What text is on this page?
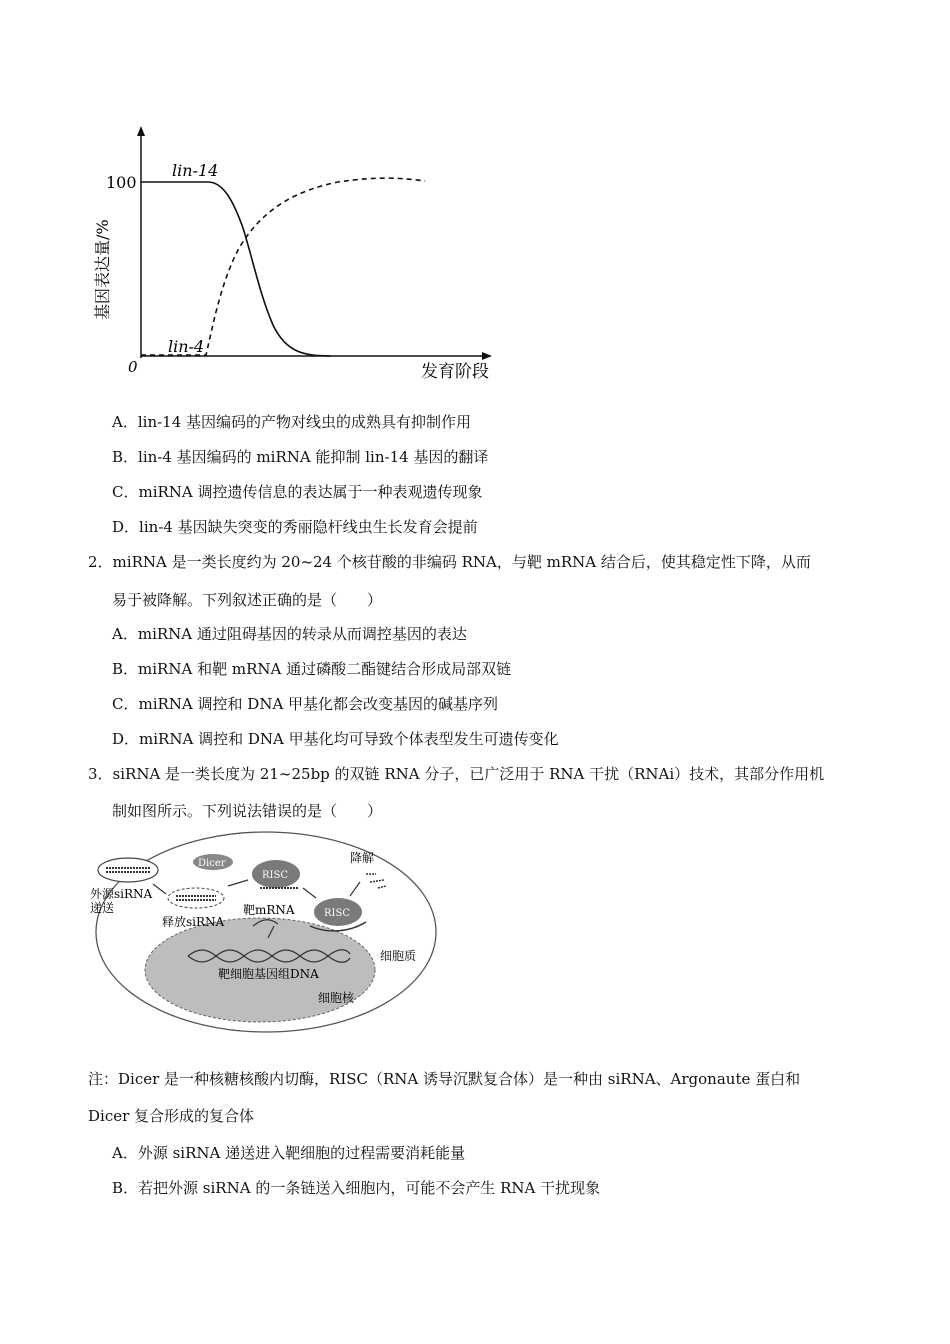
100
0
基因表达量/%
发育阶段
lin-14
lin-4
A．lin-14 基因编码的产物对线虫的成熟具有抑制作用
B．lin-4 基因编码的 miRNA 能抑制 lin-14 基因的翻译
C．miRNA 调控遗传信息的表达属于一种表观遗传现象
D．lin-4 基因缺失突变的秀丽隐杆线虫生长发育会提前
2．miRNA 是一类长度约为 20~24 个核苷酸的非编码 RNA，与靶 mRNA 结合后，使其稳定性下降，从而
易于被降解。下列叙述正确的是（　　）
A．miRNA 通过阻碍基因的转录从而调控基因的表达
B．miRNA 和靶 mRNA 通过磷酸二酯键结合形成局部双链
C．miRNA 调控和 DNA 甲基化都会改变基因的碱基序列
D．miRNA 调控和 DNA 甲基化均可导致个体表型发生可遗传变化
3．siRNA 是一类长度为 21~25bp 的双链 RNA 分子，已广泛用于 RNA 干扰（RNAi）技术，其部分作用机
制如图所示。下列说法错误的是（　　）
靶细胞基因组DNA
细胞核
细胞质
外源siRNA
递送
释放siRNA
Dicer
RISC
靶mRNA	RISC
降解
注：Dicer 是一种核糖核酸内切酶，RISC（RNA 诱导沉默复合体）是一种由 siRNA、Argonaute 蛋白和
Dicer 复合形成的复合体
A．外源 siRNA 递送进入靶细胞的过程需要消耗能量
B．若把外源 siRNA 的一条链送入细胞内，可能不会产生 RNA 干扰现象
